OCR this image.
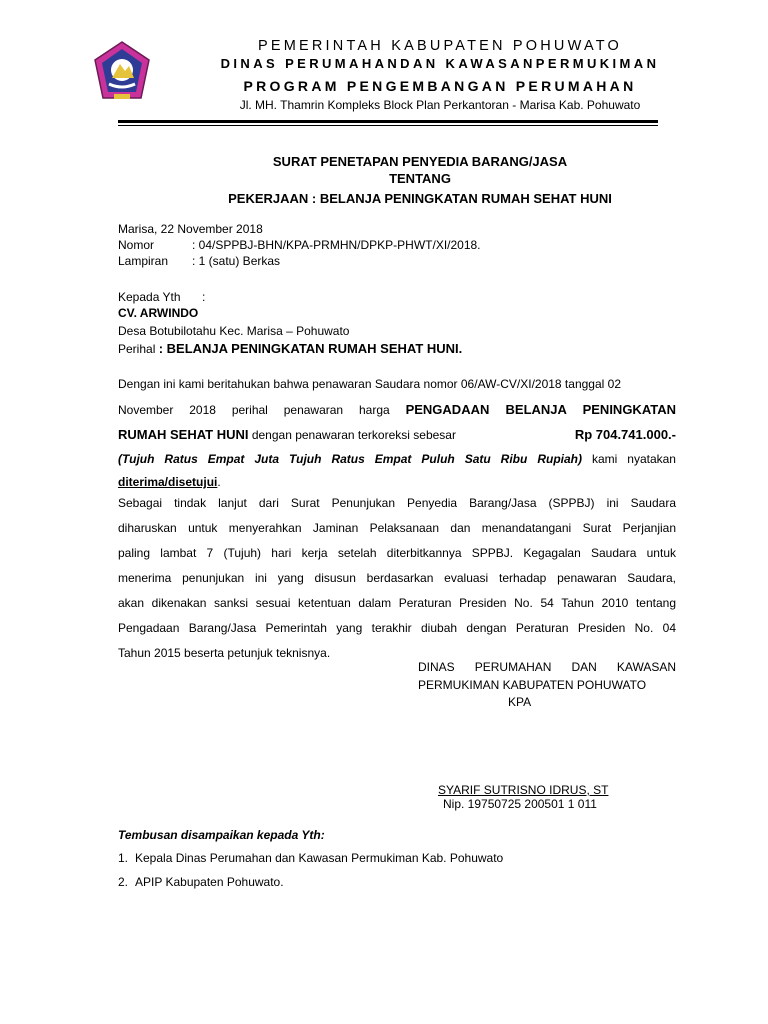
PEMERINTAH KABUPATEN POHUWATO
DINAS PERUMAHANDAN KAWASANPERMUKIMAN
PROGRAM PENGEMBANGAN PERUMAHAN
Jl. MH. Thamrin Kompleks Block Plan Perkantoran - Marisa Kab. Pohuwato
SURAT PENETAPAN PENYEDIA BARANG/JASA
TENTANG
PEKERJAAN : BELANJA PENINGKATAN RUMAH SEHAT HUNI
Marisa, 22 November 2018
Nomor	: 04/SPPBJ-BHN/KPA-PRMHN/DPKP-PHWT/XI/2018.
Lampiran : 1 (satu) Berkas
Kepada Yth :
CV. ARWINDO
Desa Botubilotahu Kec. Marisa – Pohuwato
Perihal : BELANJA PENINGKATAN RUMAH SEHAT HUNI.
Dengan ini kami beritahukan bahwa penawaran Saudara nomor 06/AW-CV/XI/2018 tanggal 02
November 2018 perihal penawaran harga PENGADAAN BELANJA PENINGKATAN
RUMAH SEHAT HUNI dengan penawaran terkoreksi sebesar	Rp 704.741.000.-
(Tujuh Ratus Empat Juta Tujuh Ratus Empat Puluh Satu Ribu Rupiah) kami nyatakan
diterima/disetujui.
Sebagai tindak lanjut dari Surat Penunjukan Penyedia Barang/Jasa (SPPBJ) ini Saudara
diharuskan untuk menyerahkan Jaminan Pelaksanaan dan menandatangani Surat Perjanjian
paling lambat 7 (Tujuh) hari kerja setelah diterbitkannya SPPBJ. Kegagalan Saudara untuk
menerima penunjukan ini yang disusun berdasarkan evaluasi terhadap penawaran Saudara,
akan dikenakan sanksi sesuai ketentuan dalam Peraturan Presiden No. 54 Tahun 2010 tentang
Pengadaan Barang/Jasa Pemerintah yang terakhir diubah dengan Peraturan Presiden No. 04
Tahun 2015 beserta petunjuk teknisnya.
DINAS PERUMAHAN DAN KAWASAN
PERMUKIMAN KABUPATEN POHUWATO
KPA
SYARIF SUTRISNO IDRUS, ST
Nip. 19750725 200501 1 011
Tembusan disampaikan kepada Yth:
1. Kepala Dinas Perumahan dan Kawasan Permukiman Kab. Pohuwato
2. APIP Kabupaten Pohuwato.
